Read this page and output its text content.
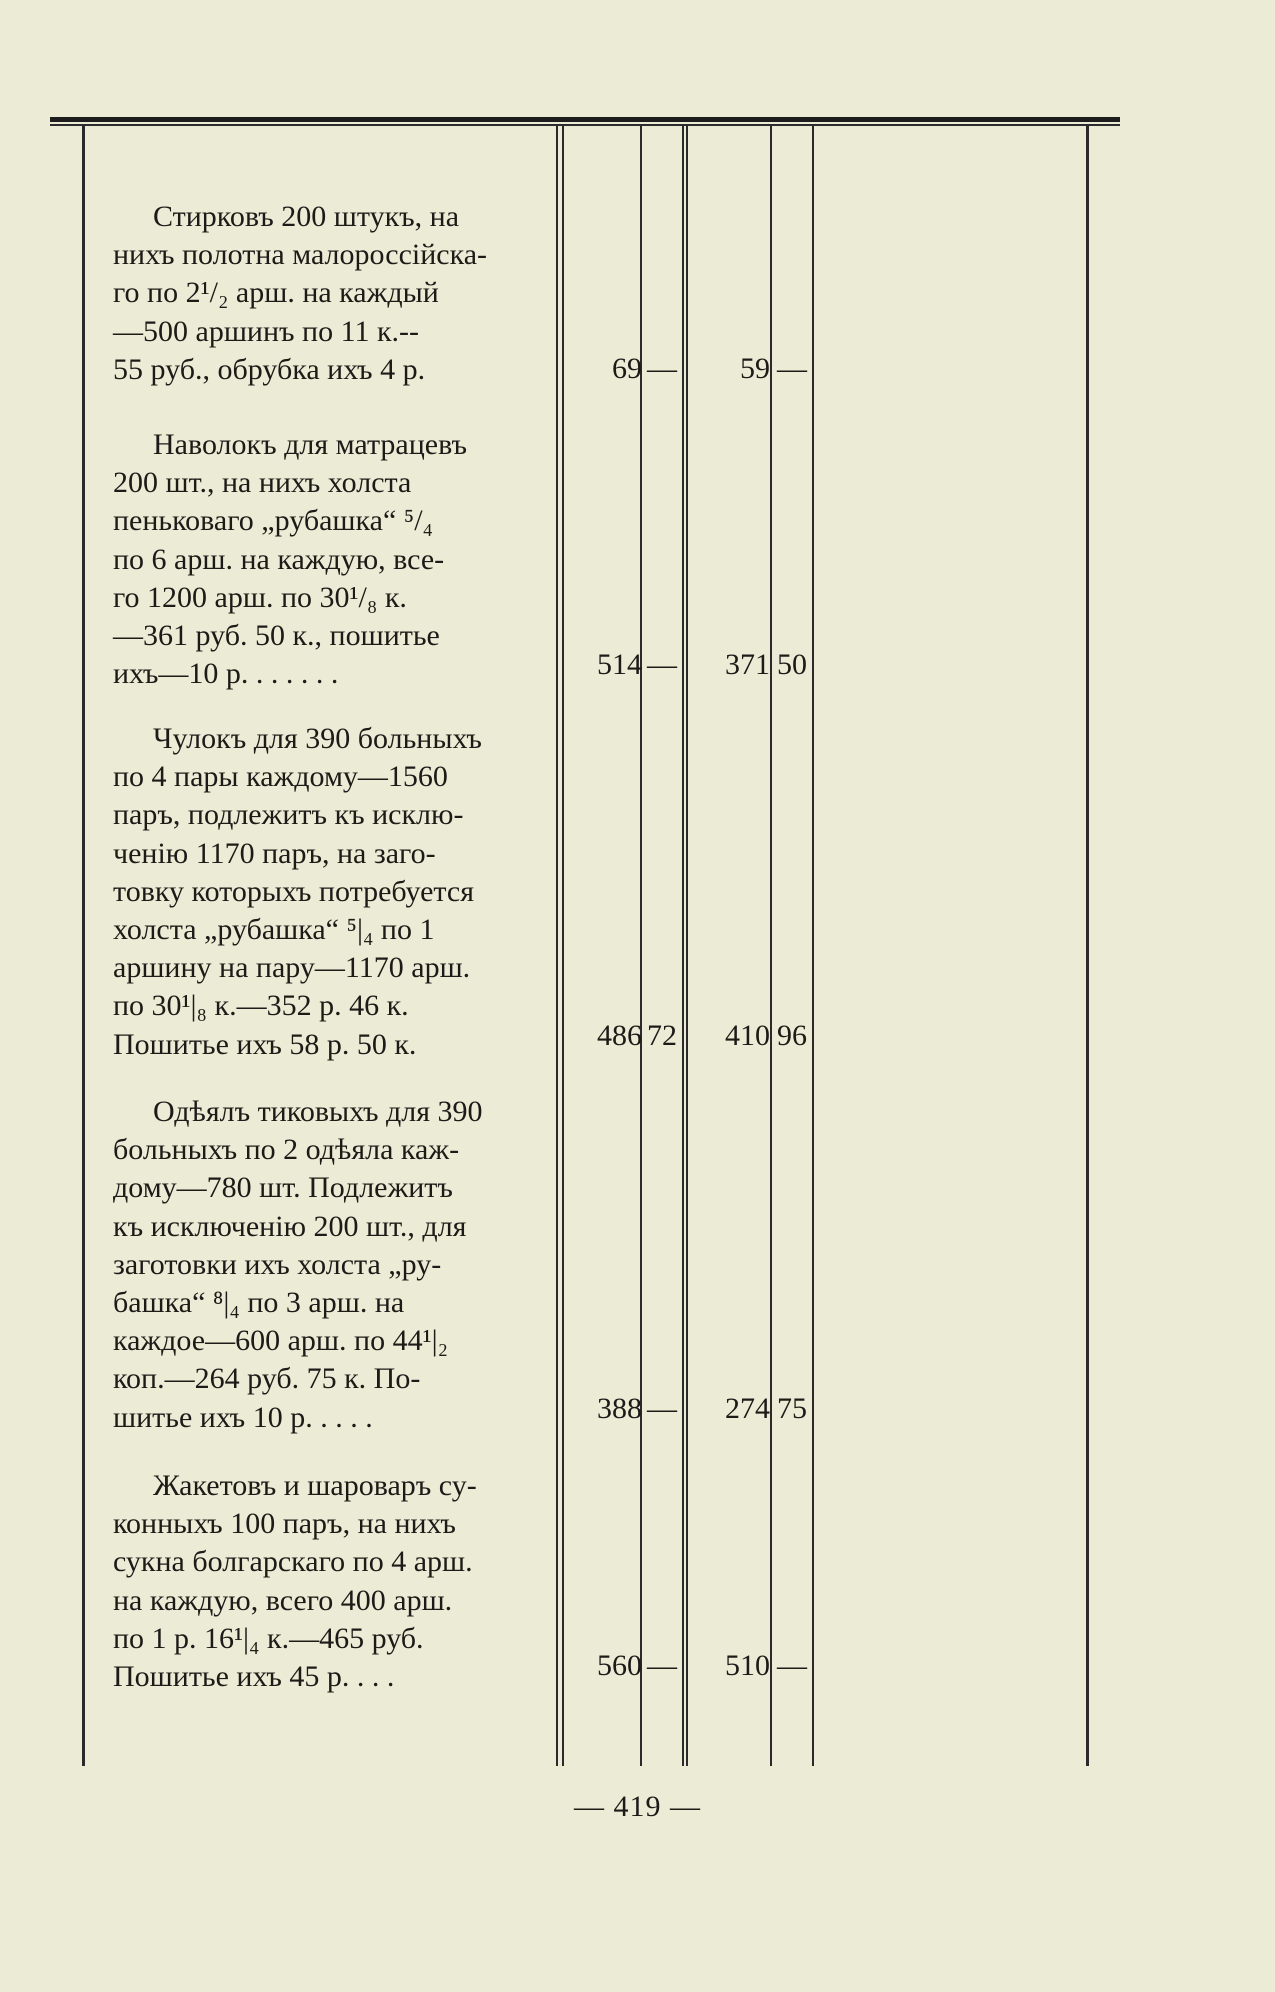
Стирковъ 200 штукъ, на
нихъ полотна малороссійска-
го по 2¹/₂ арш. на каждый
—500 аршинъ по 11 к.--
55 руб., обрубка ихъ 4 р.	69 — 59 —
Наволокъ для матрацевъ
200 шт., на нихъ холста
пеньковаго „рубашка“ ⁵/₄
по 6 арш. на каждую, все-
го 1200 арш. по 30¹/₈ к.
—361 руб. 50 к., пошитье
ихъ—10 р. . . . . . .	514 — 371 50
Чулокъ для 390 больныхъ
по 4 пары каждому—1560
паръ, подлежитъ къ исклю-
ченію 1170 паръ, на заго-
товку которыхъ потребуется
холста „рубашка“ ⁵|₄ по 1
аршину на пару—1170 арш.
по 30¹|₈ к.—352 р. 46 к.
Пошитье ихъ 58 р. 50 к.	486 72 410 96
Одѣялъ тиковыхъ для 390
больныхъ по 2 одѣяла каж-
дому—780 шт. Подлежитъ
къ исключенію 200 шт., для
заготовки ихъ холста „ру-
башка“ ⁸|₄ по 3 арш. на
каждое—600 арш. по 44¹|₂
коп.—264 руб. 75 к. По-
шитье ихъ 10 р. . . . .	388 — 274 75
Жакетовъ и шароваръ су-
конныхъ 100 паръ, на нихъ
сукна болгарскаго по 4 арш.
на каждую, всего 400 арш.
по 1 р. 16¹|₄ к.—465 руб.
Пошитье ихъ 45 р. . . .	560 — 510 —
— 419 —
